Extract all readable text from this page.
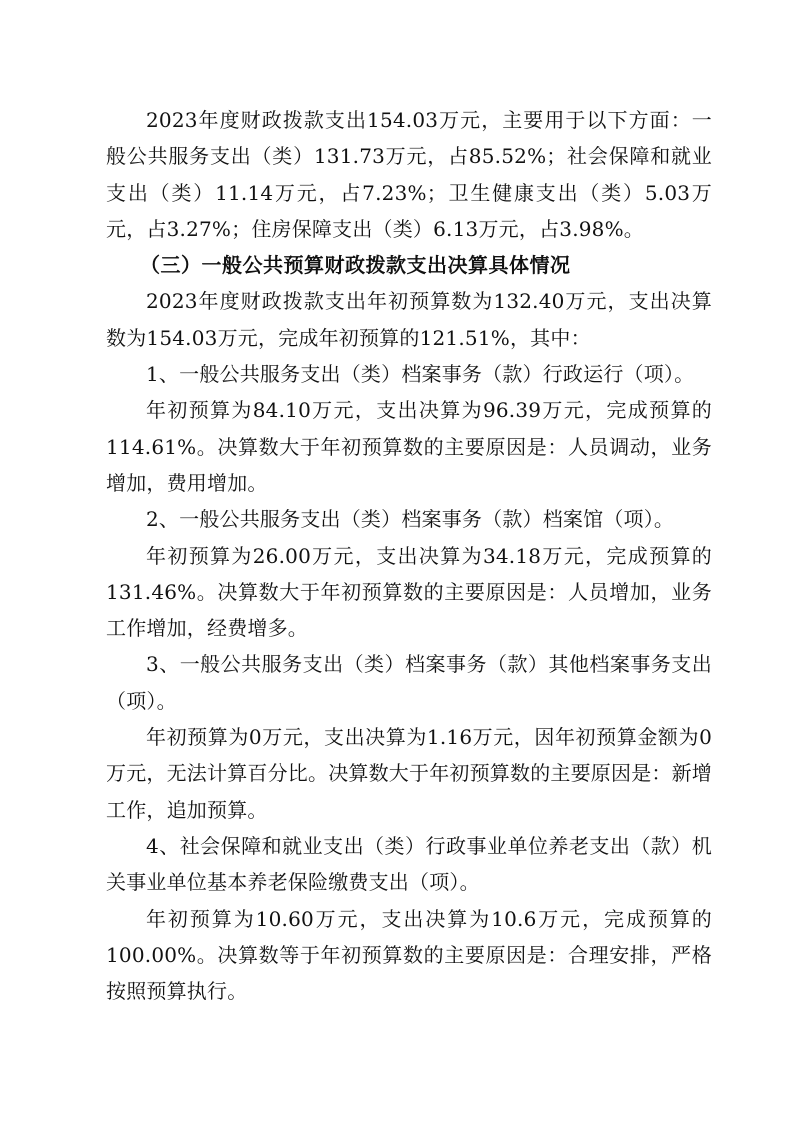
2023年度财政拨款支出154.03万元，主要用于以下方面：一般公共服务支出（类）131.73万元，占85.52%；社会保障和就业支出（类）11.14万元，占7.23%；卫生健康支出（类）5.03万元，占3.27%；住房保障支出（类）6.13万元，占3.98%。

（三）一般公共预算财政拨款支出决算具体情况

2023年度财政拨款支出年初预算数为132.40万元，支出决算数为154.03万元，完成年初预算的121.51%，其中：

1、一般公共服务支出（类）档案事务（款）行政运行（项）。

年初预算为84.10万元，支出决算为96.39万元，完成预算的114.61%。决算数大于年初预算数的主要原因是：人员调动，业务增加，费用增加。

2、一般公共服务支出（类）档案事务（款）档案馆（项）。

年初预算为26.00万元，支出决算为34.18万元，完成预算的131.46%。决算数大于年初预算数的主要原因是：人员增加，业务工作增加，经费增多。

3、一般公共服务支出（类）档案事务（款）其他档案事务支出（项）。

年初预算为0万元，支出决算为1.16万元，因年初预算金额为0万元，无法计算百分比。决算数大于年初预算数的主要原因是：新增工作，追加预算。

4、社会保障和就业支出（类）行政事业单位养老支出（款）机关事业单位基本养老保险缴费支出（项）。

年初预算为10.60万元，支出决算为10.6万元，完成预算的100.00%。决算数等于年初预算数的主要原因是：合理安排，严格按照预算执行。
